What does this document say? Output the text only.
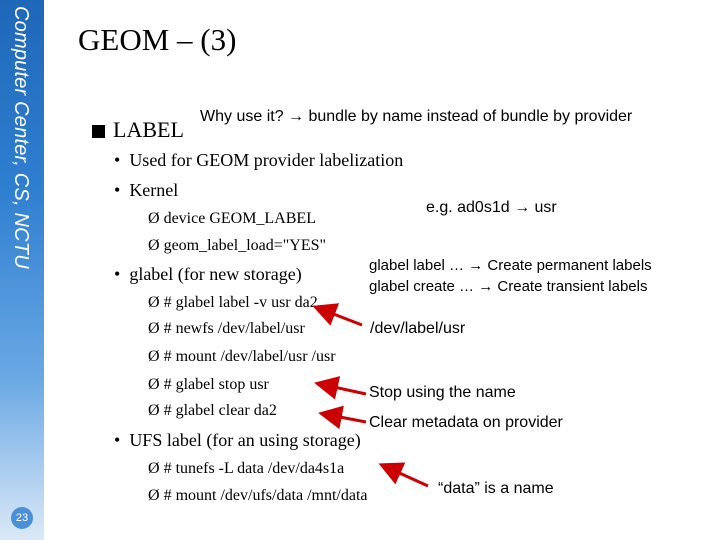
Computer Center, CS, NCTU
23
GEOM – (3)
LABEL
Why use it? → bundle by name instead of bundle by provider
• Used for GEOM provider labelization
• Kernel
Ø device GEOM_LABEL
Ø geom_label_load="YES"
• glabel (for new storage)
Ø # glabel label -v usr da2
Ø # newfs /dev/label/usr
Ø # mount /dev/label/usr /usr
Ø # glabel stop usr
Ø # glabel clear da2
• UFS label (for an using storage)
Ø # tunefs -L data /dev/da4s1a
Ø # mount /dev/ufs/data /mnt/data
e.g. ad0s1d → usr
glabel label … → Create permanent labels
glabel create … → Create transient labels
/dev/label/usr
Stop using the name
Clear metadata on provider
“data” is a name
